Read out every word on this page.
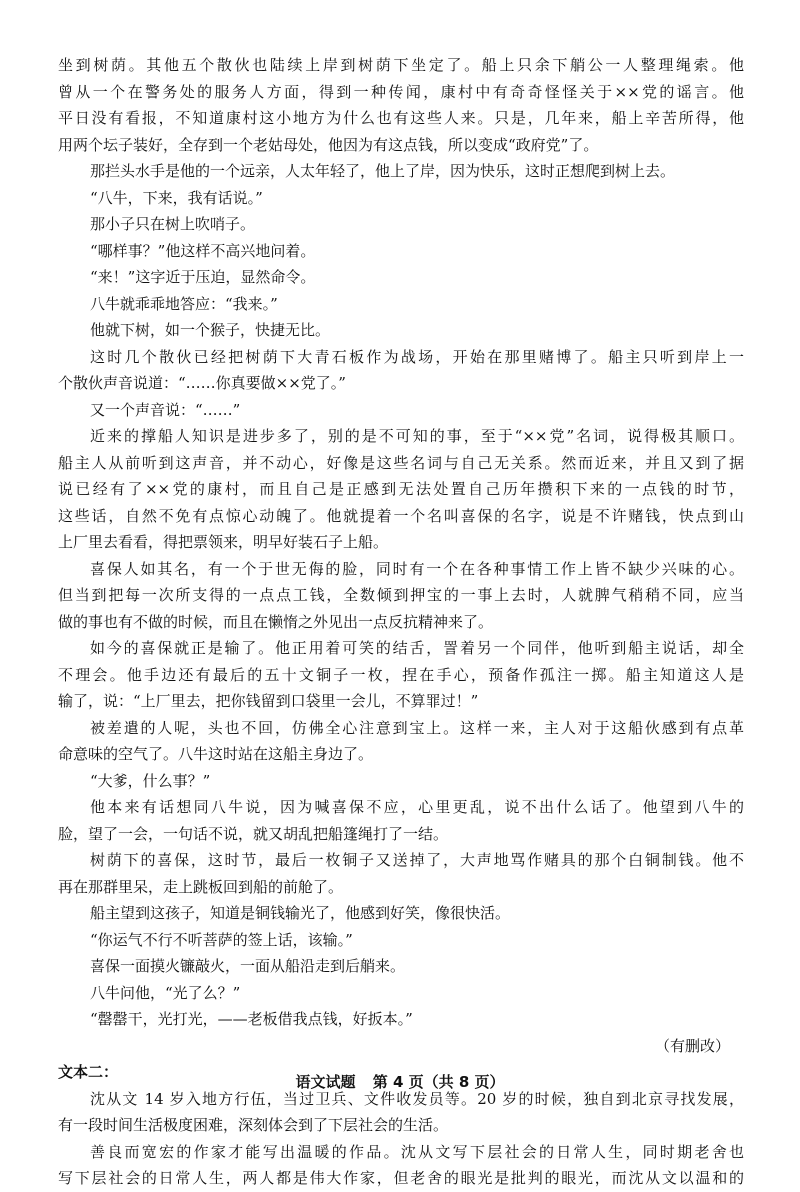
坐到树荫。其他五个散伙也陆续上岸到树荫下坐定了。船上只余下艄公一人整理绳索。他

曾从一个在警务处的服务人方面，得到一种传闻，康村中有奇奇怪怪关于××党的谣言。他

平日没有看报，不知道康村这小地方为什么也有这些人来。只是，几年来，船上辛苦所得，他

用两个坛子装好，全存到一个老姑母处，他因为有这点钱，所以变成“政府党”了。

那拦头水手是他的一个远亲，人太年轻了，他上了岸，因为快乐，这时正想爬到树上去。

“八牛，下来，我有话说。”

那小子只在树上吹哨子。

“哪样事？”他这样不高兴地问着。

“来！”这字近于压迫，显然命令。

八牛就乖乖地答应：“我来。”

他就下树，如一个猴子，快捷无比。

这时几个散伙已经把树荫下大青石板作为战场，开始在那里赌博了。船主只听到岸上一

个散伙声音说道：“……你真要做××党了。”

又一个声音说：“……”

近来的撑船人知识是进步多了，别的是不可知的事，至于“××党”名词，说得极其顺口。

船主人从前听到这声音，并不动心，好像是这些名词与自己无关系。然而近来，并且又到了据

说已经有了××党的康村，而且自己是正感到无法处置自己历年攒积下来的一点钱的时节，

这些话，自然不免有点惊心动魄了。他就提着一个名叫喜保的名字，说是不许赌钱，快点到山

上厂里去看看，得把票领来，明早好装石子上船。

喜保人如其名，有一个于世无侮的脸，同时有一个在各种事情工作上皆不缺少兴味的心。

但当到把每一次所支得的一点点工钱，全数倾到押宝的一事上去时，人就脾气稍稍不同，应当

做的事也有不做的时候，而且在懒惰之外见出一点反抗精神来了。

如今的喜保就正是输了。他正用着可笑的结舌，詈着另一个同伴，他听到船主说话，却全

不理会。他手边还有最后的五十文铜子一枚，捏在手心，预备作孤注一掷。船主知道这人是

输了，说：“上厂里去，把你钱留到口袋里一会儿，不算罪过！”

被差遣的人呢，头也不回，仿佛全心注意到宝上。这样一来，主人对于这船伙感到有点革

命意味的空气了。八牛这时站在这船主身边了。

“大爹，什么事？”

他本来有话想同八牛说，因为喊喜保不应，心里更乱，说不出什么话了。他望到八牛的

脸，望了一会，一句话不说，就又胡乱把船篷绳打了一结。

树荫下的喜保，这时节，最后一枚铜子又送掉了，大声地骂作赌具的那个白铜制钱。他不

再在那群里呆，走上跳板回到船的前舱了。

船主望到这孩子，知道是铜钱输光了，他感到好笑，像很快活。

“你运气不行不听菩萨的签上话，该输。”

喜保一面摸火镰敲火，一面从船沿走到后艄来。

八牛问他，“光了么？”

“罄罄干，光打光，——老板借我点钱，好扳本。”

（有删改）

文本二：

沈从文 14 岁入地方行伍，当过卫兵、文件收发员等。20 岁的时候，独自到北京寻找发展，

有一段时间生活极度困难，深刻体会到了下层社会的生活。

善良而宽宏的作家才能写出温暖的作品。沈从文写下层社会的日常人生，同时期老舍也

写下层社会的日常人生，两人都是伟大作家，但老舍的眼光是批判的眼光，而沈从文以温和的

语文试题 第 4 页（共 8 页）
